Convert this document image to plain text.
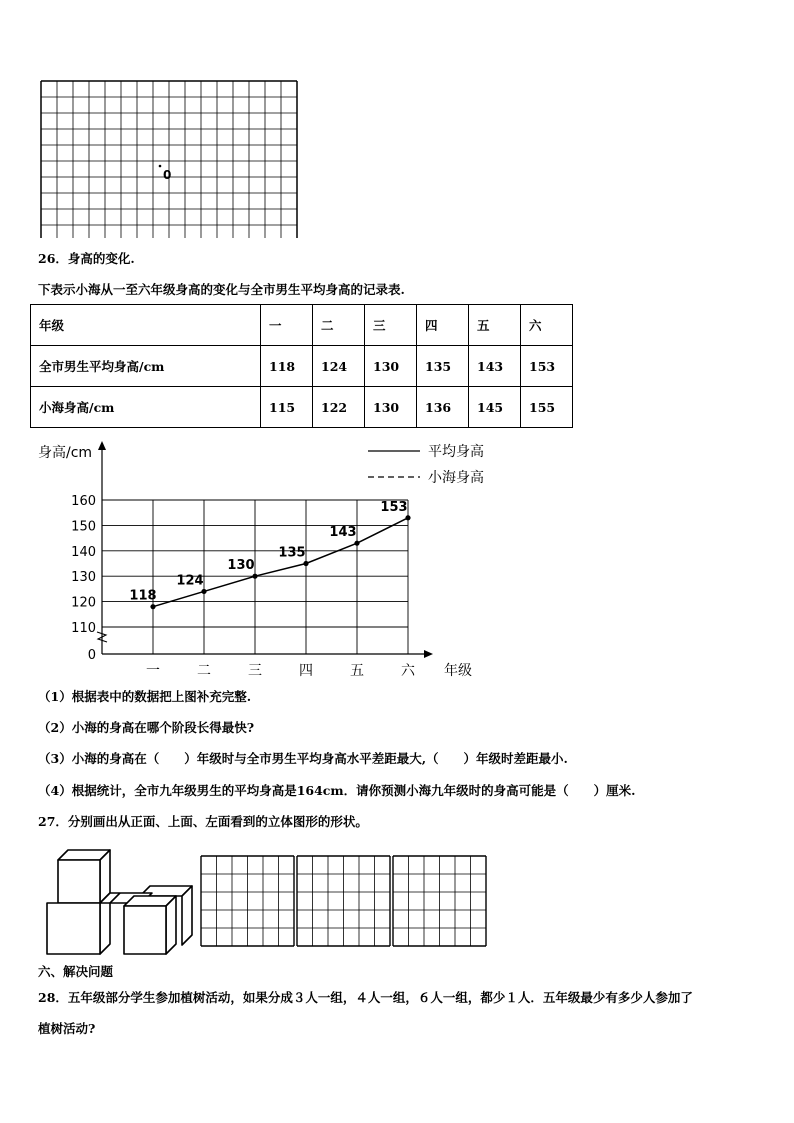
0
26．身高的变化.
下表示小海从一至六年级身高的变化与全市男生平均身高的记录表.
年级	一	二	三	四	五	六
全市男生平均身高/cm	118	124	130	135	143	153
小海身高/cm	115	122	130	136	145	155
0
110
120
130
140
150
160
一	二	三	四	五	六 年级
身高/cm	平均身高
小海身高
118
124
130
135
143
153
（1）根据表中的数据把上图补充完整.
（2）小海的身高在哪个阶段长得最快?
（3）小海的身高在（　　）年级时与全市男生平均身高水平差距最大,（　　）年级时差距最小.
（4）根据统计，全市九年级男生的平均身高是164cm．请你预测小海九年级时的身高可能是（　　）厘米.
27．分别画出从正面、上面、左面看到的立体图形的形状。
六、解决问题
28．五年级部分学生参加植树活动，如果分成３人一组，４人一组，６人一组，都少１人．五年级最少有多少人参加了
植树活动?
